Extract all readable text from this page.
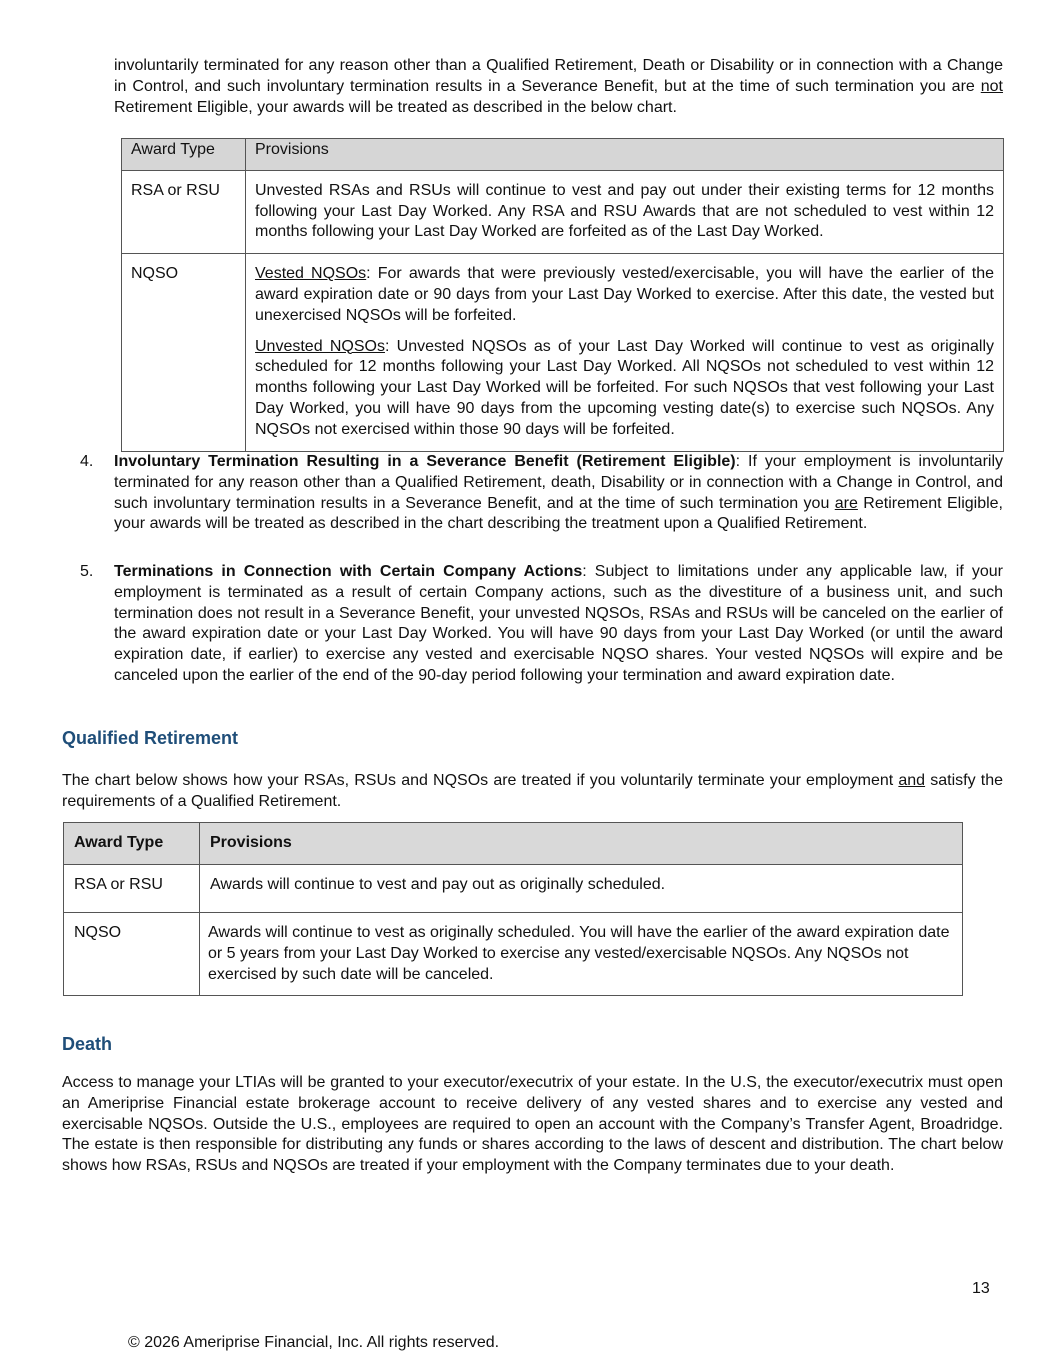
involuntarily terminated for any reason other than a Qualified Retirement, Death or Disability or in connection with a Change in Control, and such involuntary termination results in a Severance Benefit, but at the time of such termination you are not Retirement Eligible, your awards will be treated as described in the below chart.

Award Type	Provisions
RSA or RSU	Unvested RSAs and RSUs will continue to vest and pay out under their existing terms for 12 months following your Last Day Worked. Any RSA and RSU Awards that are not scheduled to vest within 12 months following your Last Day Worked are forfeited as of the Last Day Worked.

NQSO	Vested NQSOs: For awards that were previously vested/exercisable, you will have the earlier of the award expiration date or 90 days from your Last Day Worked to exercise. After this date, the vested but unexercised NQSOs will be forfeited.

Unvested NQSOs: Unvested NQSOs as of your Last Day Worked will continue to vest as originally scheduled for 12 months following your Last Day Worked. All NQSOs not scheduled to vest within 12 months following your Last Day Worked will be forfeited. For such NQSOs that vest following your Last Day Worked, you will have 90 days from the upcoming vesting date(s) to exercise such NQSOs. Any NQSOs not exercised within those 90 days will be forfeited.

4. Involuntary Termination Resulting in a Severance Benefit (Retirement Eligible): If your employment is involuntarily terminated for any reason other than a Qualified Retirement, death, Disability or in connection with a Change in Control, and such involuntary termination results in a Severance Benefit, and at the time of such termination you are Retirement Eligible, your awards will be treated as described in the chart describing the treatment upon a Qualified Retirement.

5. Terminations in Connection with Certain Company Actions: Subject to limitations under any applicable law, if your employment is terminated as a result of certain Company actions, such as the divestiture of a business unit, and such termination does not result in a Severance Benefit, your unvested NQSOs, RSAs and RSUs will be canceled on the earlier of the award expiration date or your Last Day Worked. You will have 90 days from your Last Day Worked (or until the award expiration date, if earlier) to exercise any vested and exercisable NQSO shares. Your vested NQSOs will expire and be canceled upon the earlier of the end of the 90-day period following your termination and award expiration date.

Qualified Retirement

The chart below shows how your RSAs, RSUs and NQSOs are treated if you voluntarily terminate your employment and satisfy the requirements of a Qualified Retirement.

Award Type	Provisions
RSA or RSU	Awards will continue to vest and pay out as originally scheduled.
NQSO	Awards will continue to vest as originally scheduled. You will have the earlier of the award expiration date or 5 years from your Last Day Worked to exercise any vested/exercisable NQSOs. Any NQSOs not exercised by such date will be canceled.
Death

Access to manage your LTIAs will be granted to your executor/executrix of your estate. In the U.S, the executor/executrix must open an Ameriprise Financial estate brokerage account to receive delivery of any vested shares and to exercise any vested and exercisable NQSOs. Outside the U.S., employees are required to open an account with the Company’s Transfer Agent, Broadridge. The estate is then responsible for distributing any funds or shares according to the laws of descent and distribution. The chart below shows how RSAs, RSUs and NQSOs are treated if your employment with the Company terminates due to your death.

13
© 2026 Ameriprise Financial, Inc. All rights reserved.
